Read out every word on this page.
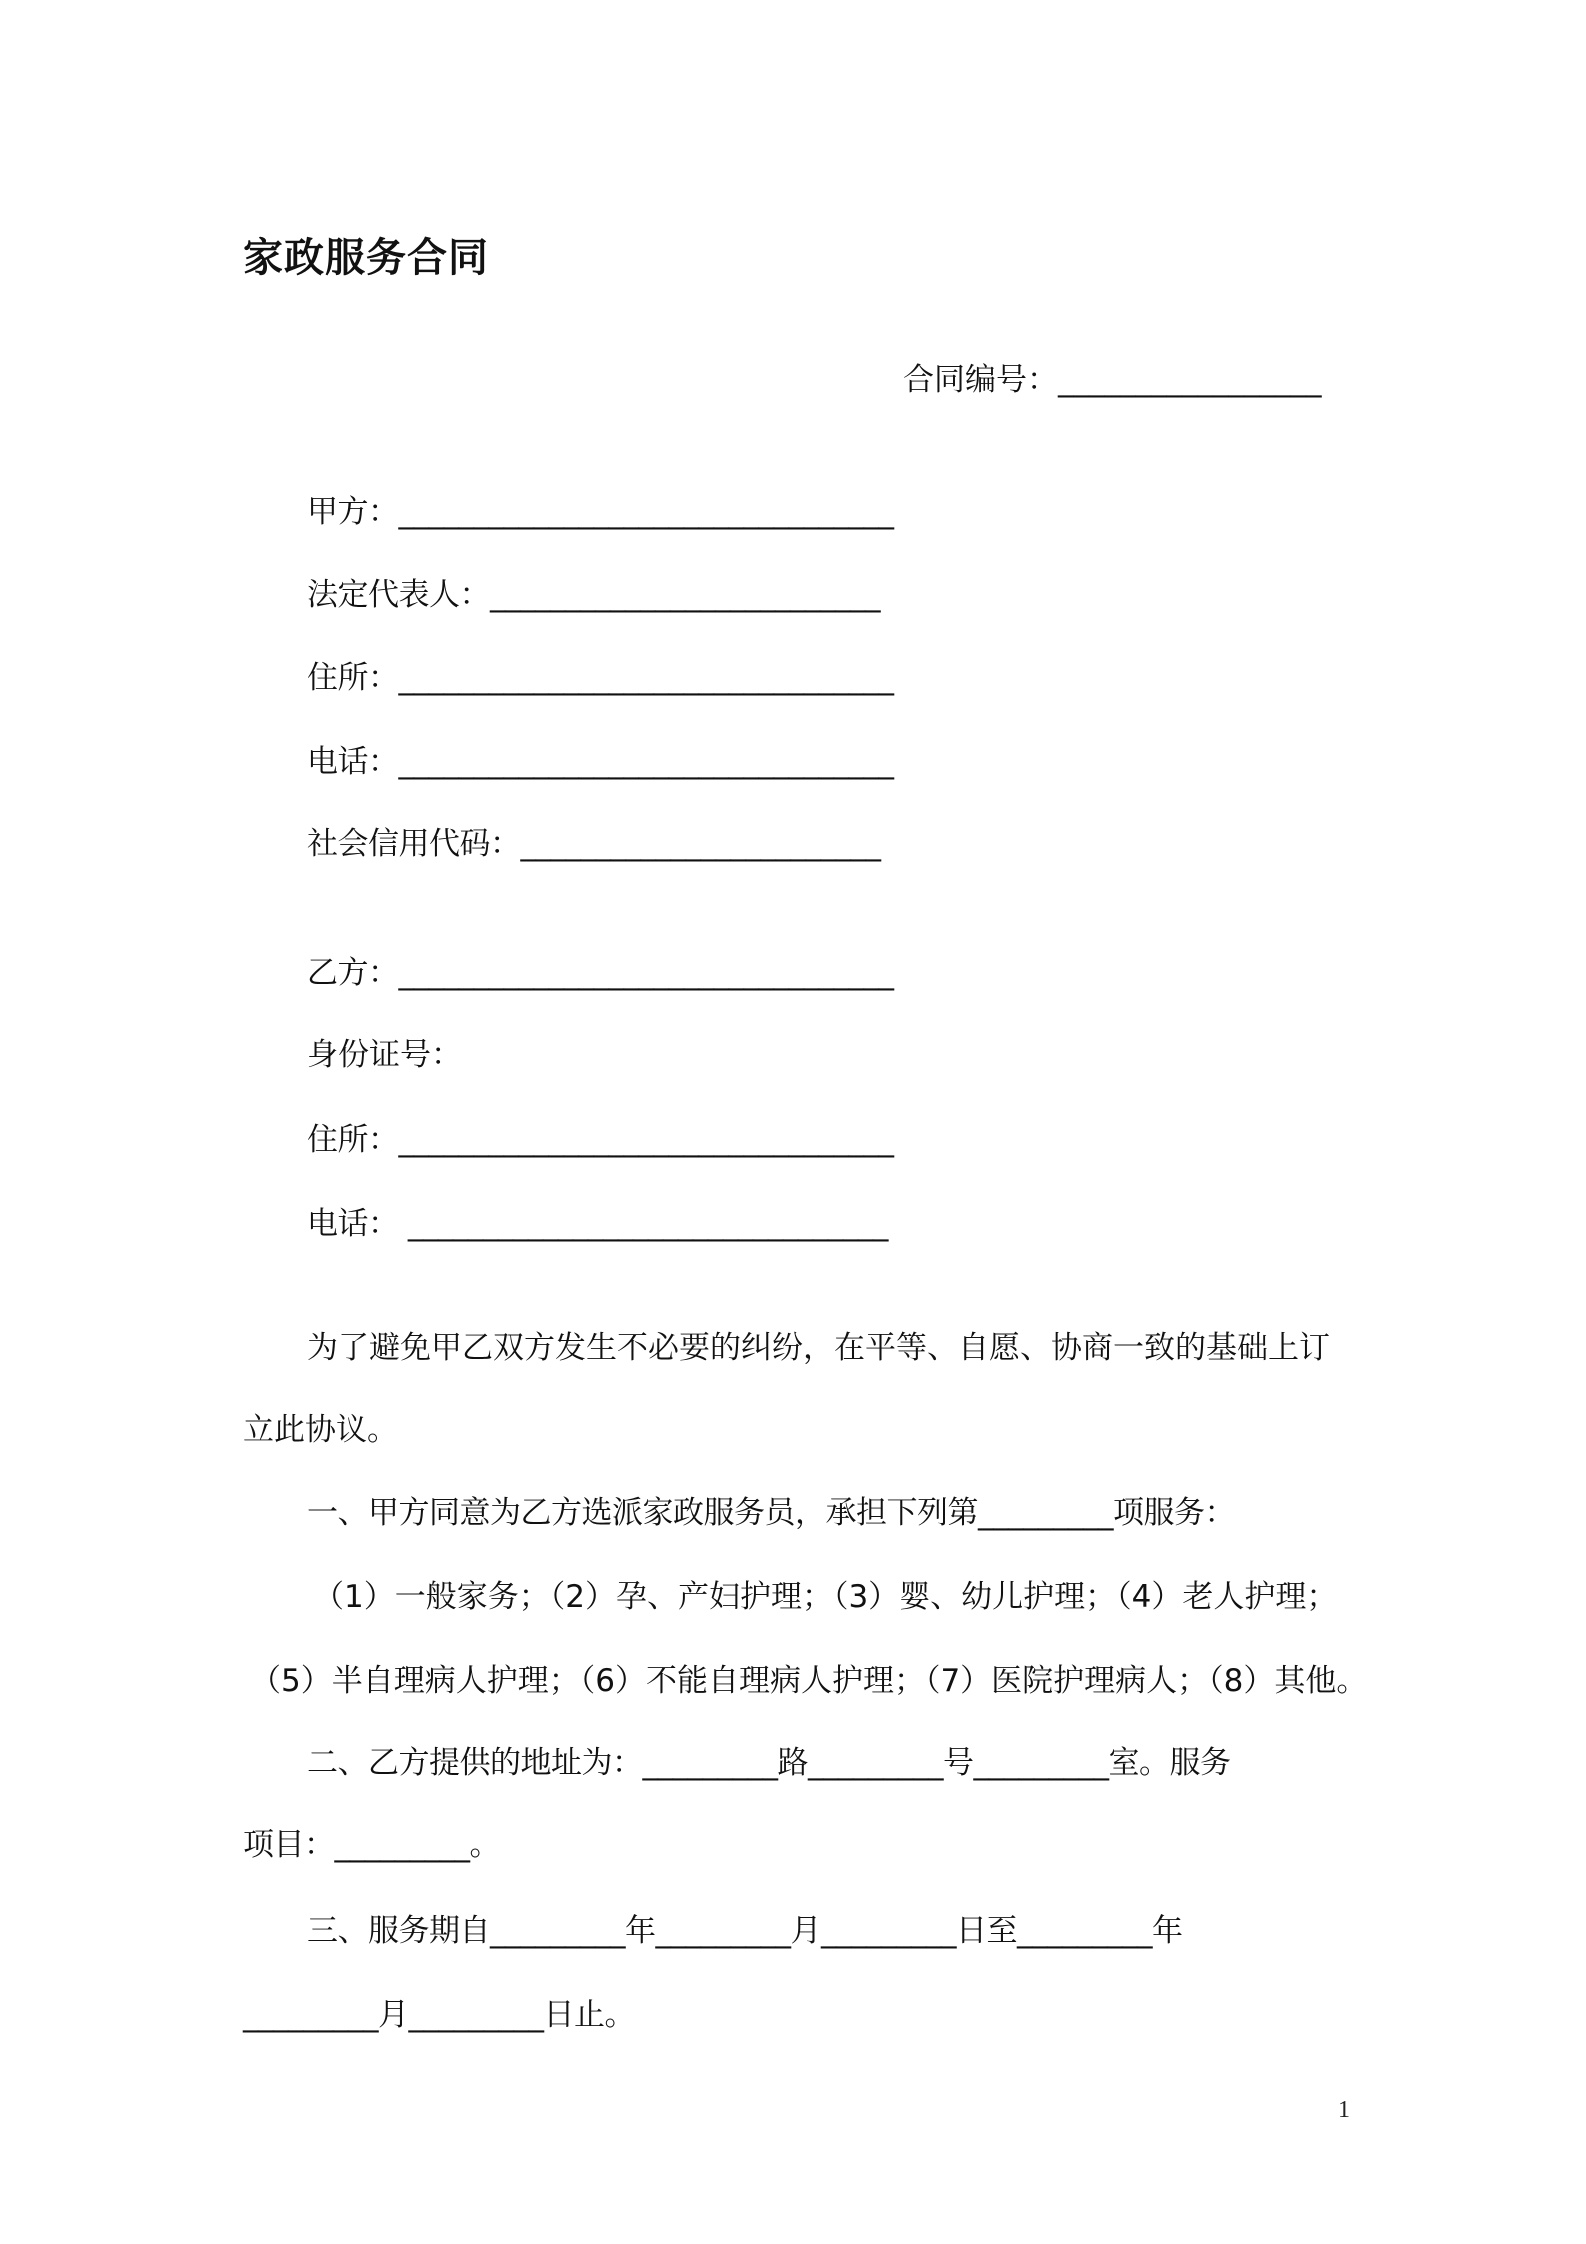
家政服务合同
合同编号：_________________
甲方：_________________________________
法定代表人：__________________________
住所：_________________________________
电话：_________________________________
社会信用代码：________________________
乙方：_________________________________
身份证号：
住所：_________________________________
电话： ________________________________
为了避免甲乙双方发生不必要的纠纷，在平等、自愿、协商一致的基础上订
立此协议。
一、甲方同意为乙方选派家政服务员，承担下列第_________项服务：
（1）一般家务；（2）孕、产妇护理；（3）婴、幼儿护理；（4）老人护理；
（5）半自理病人护理；（6）不能自理病人护理；（7）医院护理病人；（8）其他。
二、乙方提供的地址为：_________路_________号_________室。服务
项目：_________。
三、服务期自_________年_________月_________日至_________年
_________月_________日止。
1
